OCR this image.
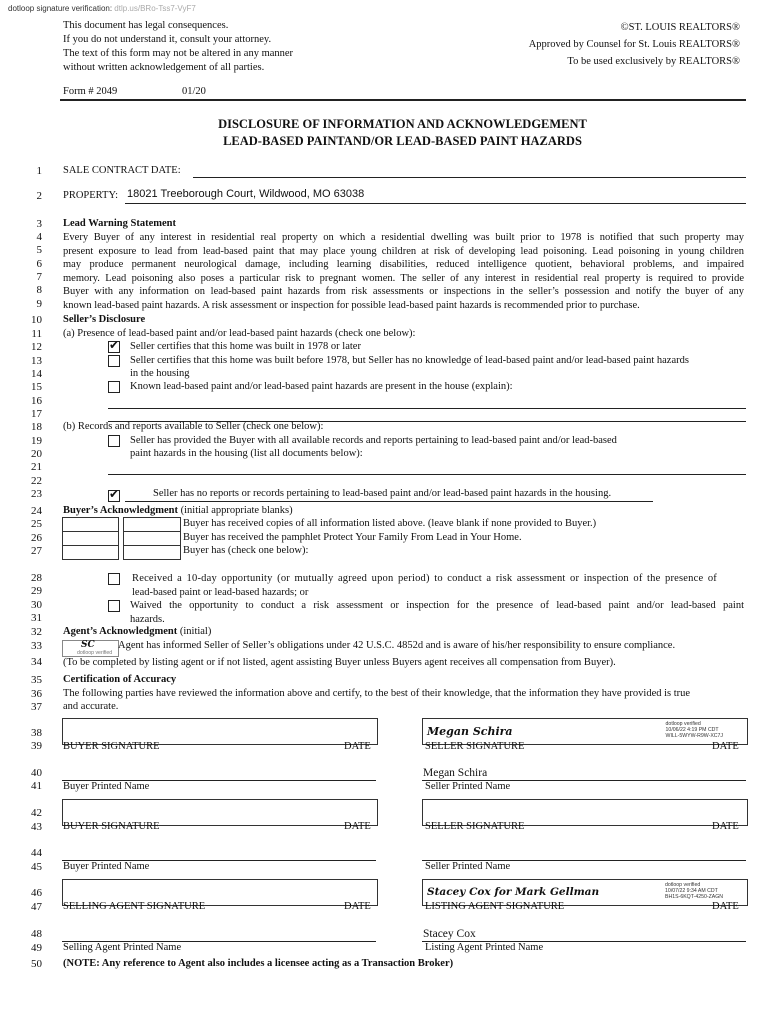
dotloop signature verification: dtlp.us/BRo-Tss7-VyF7
This document has legal consequences.
If you do not understand it, consult your attorney.
The text of this form may not be altered in any manner
without written acknowledgement of all parties.
©ST. LOUIS REALTORS®
Approved by Counsel for St. Louis REALTORS®
To be used exclusively by REALTORS®
Form # 2049	01/20
DISCLOSURE OF INFORMATION AND ACKNOWLEDGEMENT
LEAD-BASED PAINTAND/OR LEAD-BASED PAINT HAZARDS
1
2
3
4
5
6
7
8
9
10
11
12
13
14
15
16
17
18
19
20
21
22
23
24
25
26
27
28
29
30
31
32
33
34
35
36
37
38
39
40
41
42
43
44
45
46
47
48
49
50
SALE CONTRACT DATE:
PROPERTY: 18021 Treeborough Court, Wildwood, MO 63038
Lead Warning Statement
Every Buyer of any interest in residential real property on which a residential dwelling was built prior to 1978 is notified that such property may
present exposure to lead from lead-based paint that may place young children at risk of developing lead poisoning. Lead poisoning in young children
may produce permanent neurological damage, including learning disabilities, reduced intelligence quotient, behavioral problems, and impaired
memory. Lead poisoning also poses a particular risk to pregnant women. The seller of any interest in residential real property is required to provide
Buyer with any information on lead-based paint hazards from risk assessments or inspections in the seller’s possession and notify the buyer of any
known lead-based paint hazards. A risk assessment or inspection for possible lead-based paint hazards is recommended prior to purchase.
Seller’s Disclosure
(a) Presence of lead-based paint and/or lead-based paint hazards (check one below):
✔
Seller certifies that this home was built in 1978 or later
Seller certifies that this home was built before 1978, but Seller has no knowledge of lead-based paint and/or lead-based paint hazards
in the housing
Known lead-based paint and/or lead-based paint hazards are present in the house (explain):
(b) Records and reports available to Seller (check one below):
Seller has provided the Buyer with all available records and reports pertaining to lead-based paint and/or lead-based
paint hazards in the housing (list all documents below):
✔
Seller has no reports or records pertaining to lead-based paint and/or lead-based paint hazards in the housing.
Buyer’s Acknowledgment (initial appropriate blanks)
Buyer has received copies of all information listed above. (leave blank if none provided to Buyer.)
Buyer has received the pamphlet Protect Your Family From Lead in Your Home.
Buyer has (check one below):
Received a 10-day opportunity (or mutually agreed upon period) to conduct a risk assessment or inspection of the presence of
lead-based paint or lead-based hazards; or
Waived the opportunity to conduct a risk assessment or inspection for the presence of lead-based paint and/or lead-based paint
hazards.
Agent’s Acknowledgment (initial)
SC
dotloop verified
Agent has informed Seller of Seller’s obligations under 42 U.S.C. 4852d and is aware of his/her responsibility to ensure compliance.
(To be completed by listing agent or if not listed, agent assisting Buyer unless Buyers agent receives all compensation from Buyer).
Certification of Accuracy
The following parties have reviewed the information above and certify, to the best of their knowledge, that the information they have provided is true
and accurate.
Megan Schira
dotloop verified
10/06/22 4:19 PM CDT
WILL-5WYW-R9W-XC7J
BUYER SIGNATURE	DATE	SELLER SIGNATURE	DATE
Megan Schira
Buyer Printed Name	Seller Printed Name
BUYER SIGNATURE	DATE	SELLER SIGNATURE	DATE
Buyer Printed Name	Seller Printed Name
Stacey Cox for Mark Gellman
dotloop verified
10/07/22 9:34 AM CDT
BH1S-6KQT-4250-ZAGN
SELLING AGENT SIGNATURE	DATE	LISTING AGENT SIGNATURE	DATE
Stacey Cox
Selling Agent Printed Name	Listing Agent Printed Name
(NOTE: Any reference to Agent also includes a licensee acting as a Transaction Broker)
